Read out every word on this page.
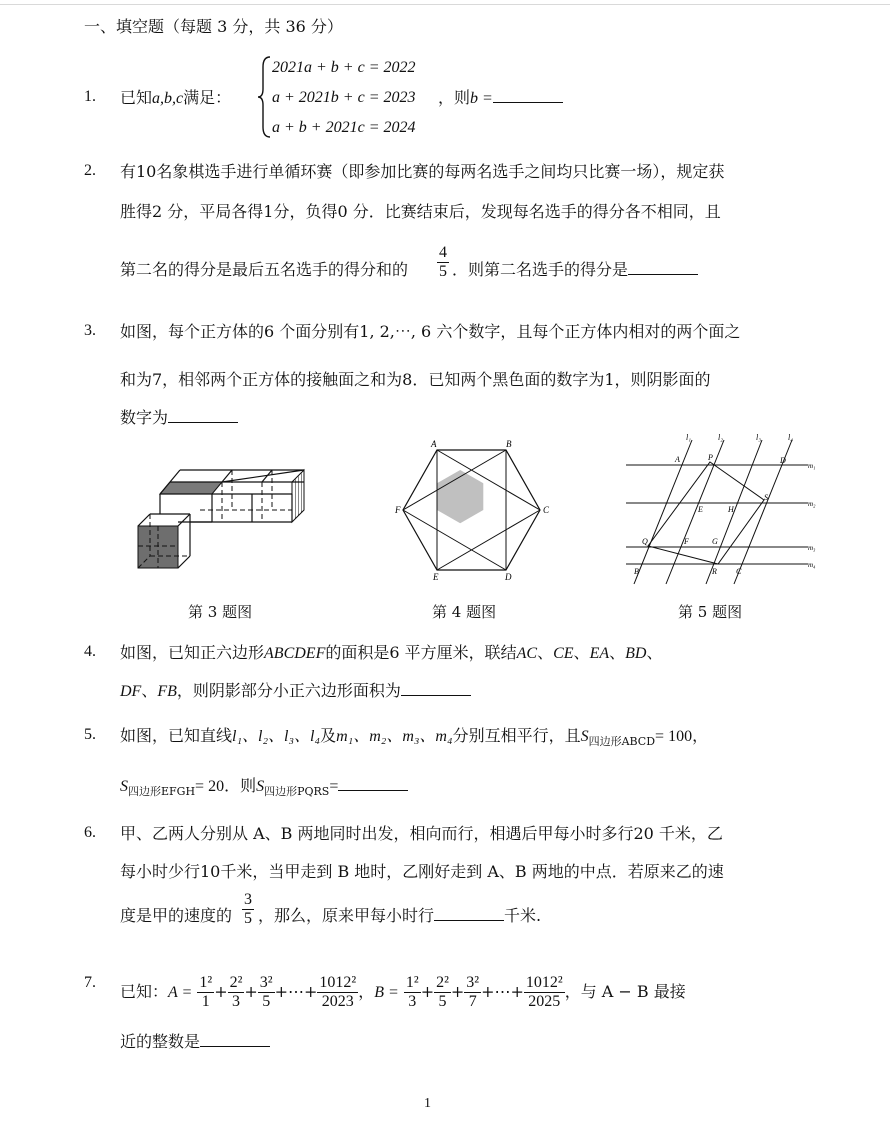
一、填空题（每题 3 分，共 36 分）
1. 已知a,b,c满足：
2021a + b + c = 2022
a + 2021b + c = 2023
a + b + 2021c = 2024
，则b =
2. 有10名象棋选手进行单循环赛（即参加比赛的每两名选手之间均只比赛一场），规定获
胜得2 分，平局各得1分，负得0 分．比赛结束后，发现每名选手的得分各不相同，且
第二名的得分是最后五名选手的得分和的 $\frac{4}{5}$ ．则第二名选手的得分是
3. 如图，每个正方体的6 个面分别有1, 2,⋯, 6 六个数字，且每个正方体内相对的两个面之
和为7，相邻两个正方体的接触面之和为8．已知两个黑色面的数字为1，则阴影面的
数字为
A	B
C
D
E
F
l₁	l₂	l₃	l₄
m₁
m₂
m₃
m₄
A	P	D
S
E	H
Q	F	G
B	R C
第 3 题图	第 4 题图	第 5 题图
4. 如图，已知正六边形ABCDEF的面积是6 平方厘米，联结AC、CE、EA、BD、
DF、FB，则阴影部分小正六边形面积为
5. 如图，已知直线l₁、l₂、l₃、l₄及m₁、m₂、m₃、m₄分别互相平行，且$S_{四边形ABCD}= 100$，
$S_{四边形EFGH}= 20$．则$S_{四边形PQRS}=$
6. 甲、乙两人分别从 A、B 两地同时出发，相向而行，相遇后甲每小时多行20 千米，乙
每小时少行10千米，当甲走到 B 地时，乙刚好走到 A、B 两地的中点．若原来乙的速
度是甲的速度的 $\frac{3}{5}$ ，那么，原来甲每小时行	千米.
7. 已知：$A = \frac{\text{1²}}{1} + \frac{\text{2²}}{3} + \frac{\text{3²}}{5}$ +⋯+ $\frac{\text{1012²}}{2023}$ ，$B = \frac{\text{1²}}{3} + \frac{\text{2²}}{5} + \frac{\text{3²}}{7}$ +⋯+ $\frac{\text{1012²}}{2025}$ ，与 A − B 最接
近的整数是
1
